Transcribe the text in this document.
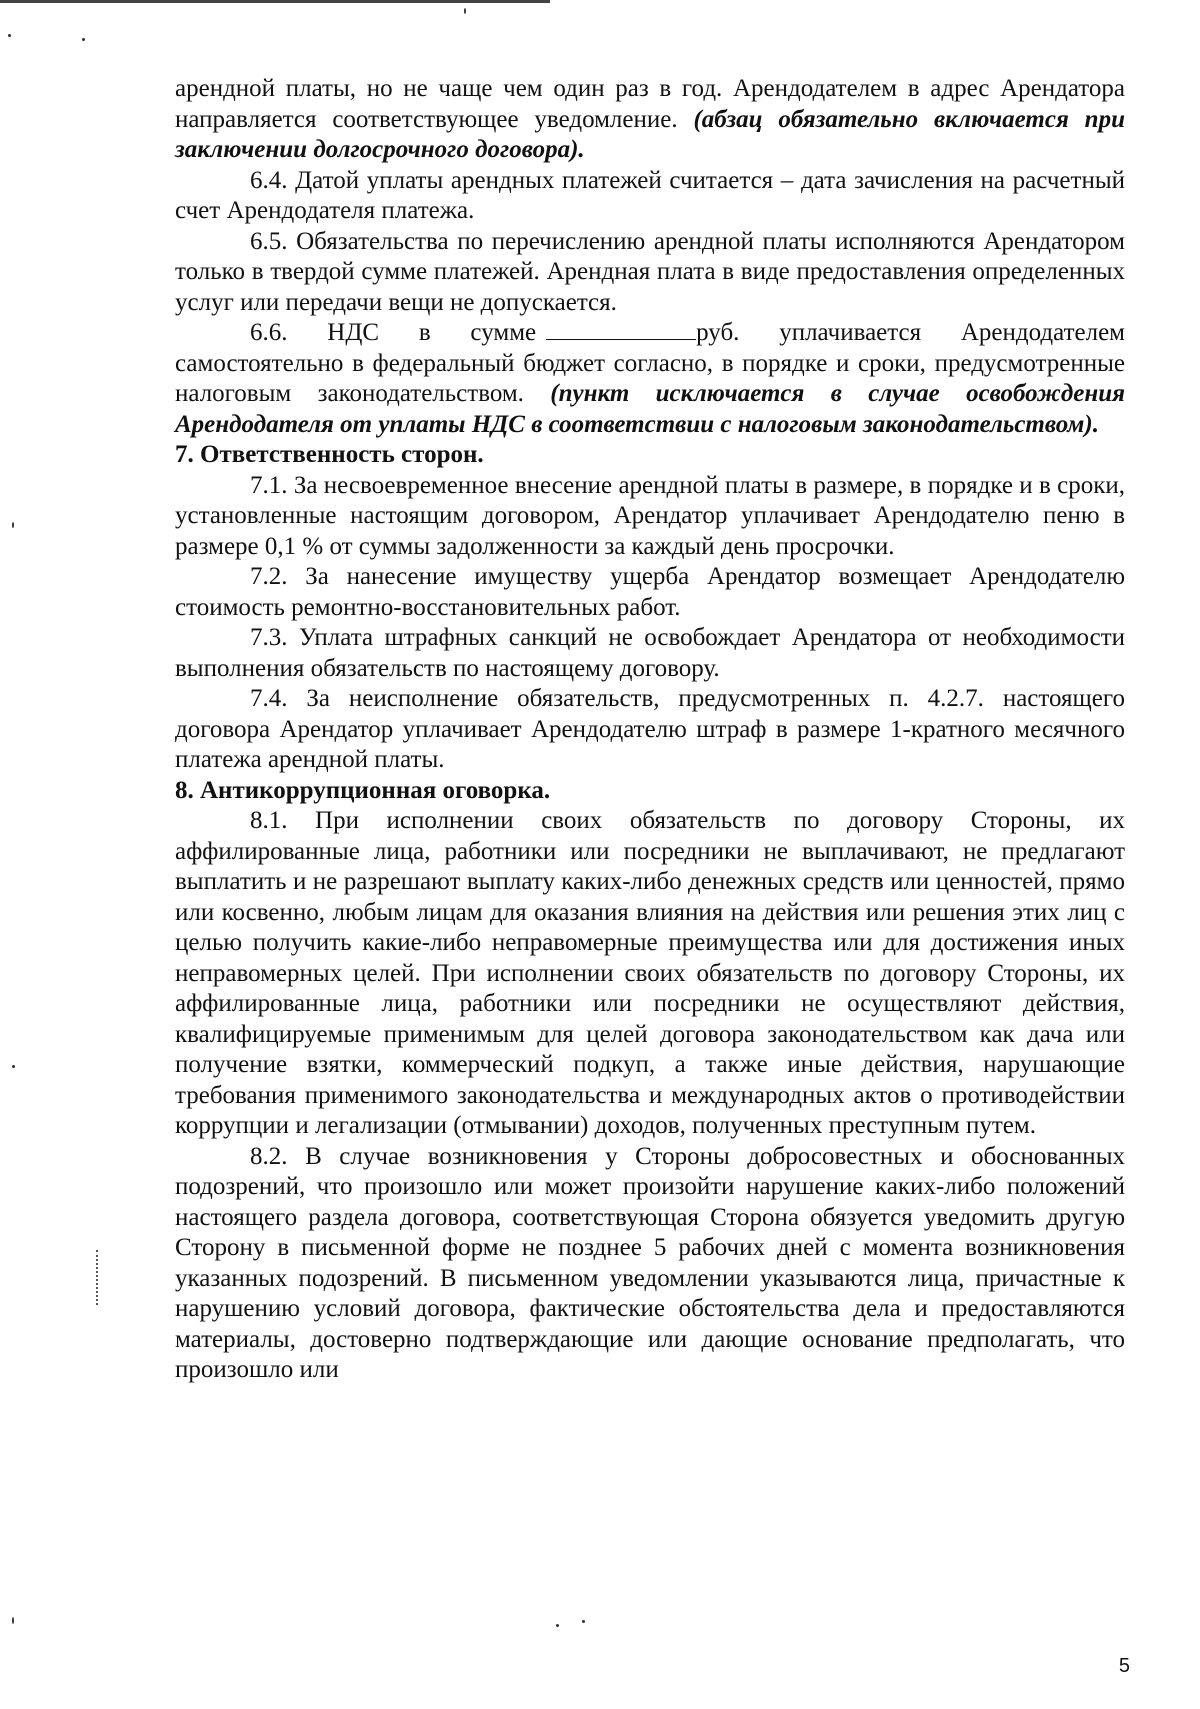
арендной платы, но не чаще чем один раз в год. Арендодателем в адрес Арендатора направляется соответствующее уведомление. (абзац обязательно включается при заключении долгосрочного договора).

6.4. Датой уплаты арендных платежей считается – дата зачисления на расчетный счет Арендодателя платежа.

6.5. Обязательства по перечислению арендной платы исполняются Арендатором только в твердой сумме платежей. Арендная плата в виде предоставления определенных услуг или передачи вещи не допускается.

6.6. НДС в сумме	руб. уплачивается Арендодателем самостоятельно в федеральный бюджет согласно, в порядке и сроки, предусмотренные налоговым законодательством. (пункт исключается в случае освобождения Арендодателя от уплаты НДС в соответствии с налоговым законодательством).

7. Ответственность сторон.

7.1. За несвоевременное внесение арендной платы в размере, в порядке и в сроки, установленные настоящим договором, Арендатор уплачивает Арендодателю пеню в размере 0,1 % от суммы задолженности за каждый день просрочки.

7.2. За нанесение имуществу ущерба Арендатор возмещает Арендодателю стоимость ремонтно-восстановительных работ.

7.3. Уплата штрафных санкций не освобождает Арендатора от необходимости выполнения обязательств по настоящему договору.

7.4. За неисполнение обязательств, предусмотренных п. 4.2.7. настоящего договора Арендатор уплачивает Арендодателю штраф в размере 1-кратного месячного платежа арендной платы.

8. Антикоррупционная оговорка.

8.1. При исполнении своих обязательств по договору Стороны, их аффилированные лица, работники или посредники не выплачивают, не предлагают выплатить и не разрешают выплату каких-либо денежных средств или ценностей, прямо или косвенно, любым лицам для оказания влияния на действия или решения этих лиц с целью получить какие-либо неправомерные преимущества или для достижения иных неправомерных целей. При исполнении своих обязательств по договору Стороны, их аффилированные лица, работники или посредники не осуществляют действия, квалифицируемые применимым для целей договора законодательством как дача или получение взятки, коммерческий подкуп, а также иные действия, нарушающие требования применимого законодательства и международных актов о противодействии коррупции и легализации (отмывании) доходов, полученных преступным путем.

8.2. В случае возникновения у Стороны добросовестных и обоснованных подозрений, что произошло или может произойти нарушение каких-либо положений настоящего раздела договора, соответствующая Сторона обязуется уведомить другую Сторону в письменной форме не позднее 5 рабочих дней с момента возникновения указанных подозрений. В письменном уведомлении указываются лица, причастные к нарушению условий договора, фактические обстоятельства дела и предоставляются материалы, достоверно подтверждающие или дающие основание предполагать, что произошло или

5
